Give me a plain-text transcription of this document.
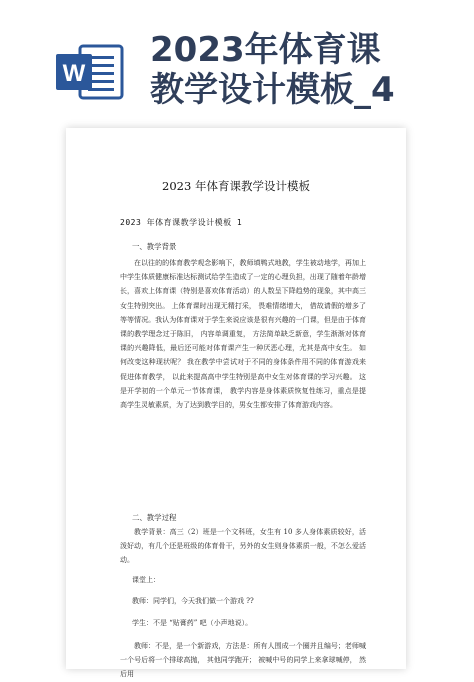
W
2023年体育课
教学设计模板_4
2023 年体育课教学设计模板
2023 年体育课教学设计模板 1
一、教学背景
在以往的的体育教学观念影响下，教师填鸭式地教，学生被动地学，再加上中学生体质健康标准达标测试给学生造成了一定的心理负担，出现了随着年龄增长，喜欢上体育课（特别是喜欢体育活动）的人数呈下降趋势的现象，其中高三女生特别突出。 上体育课时出现无精打采， 畏难情绪增大， 借故请假的增多了等等情况。我认为体育课对于学生来说应该是很有兴趣的一门课，但是由于体育课的教学理念过于陈旧， 内容单调重复， 方法简单缺乏新意，学生渐渐对体育课的兴趣降低，最后还可能对体育课产生一种厌恶心理，尤其是高中女生。 如何改变这种现状呢？ 我在教学中尝试对于不同的身体条件用不同的体育游戏来促进体育教学， 以此来提高高中学生特别是高中女生对体育课的学习兴趣。 这是开学初的一个单元一节体育课， 教学内容是身体素质恢复性练习，重点是提高学生灵敏素质，为了达到教学目的，男女生都安排了体育游戏内容。
二、教学过程
教学背景：高三（2）班是一个文科班，女生有 10 多人身体素质较好，活泼好动，有几个还是班级的体育骨干，另外的女生则身体素质一般，不怎么爱活动。
课堂上：
教师：同学们，今天我们做一个游戏 ??
学生：不是 “贴膏药” 吧（小声地说）。
教师：不是，是一个新游戏，方法是：所有人围成一个圈并且编号；老师喊一个号后将一个排球高抛， 其他同学跑开； 被喊中号的同学上来拿球喊停， 然后用
